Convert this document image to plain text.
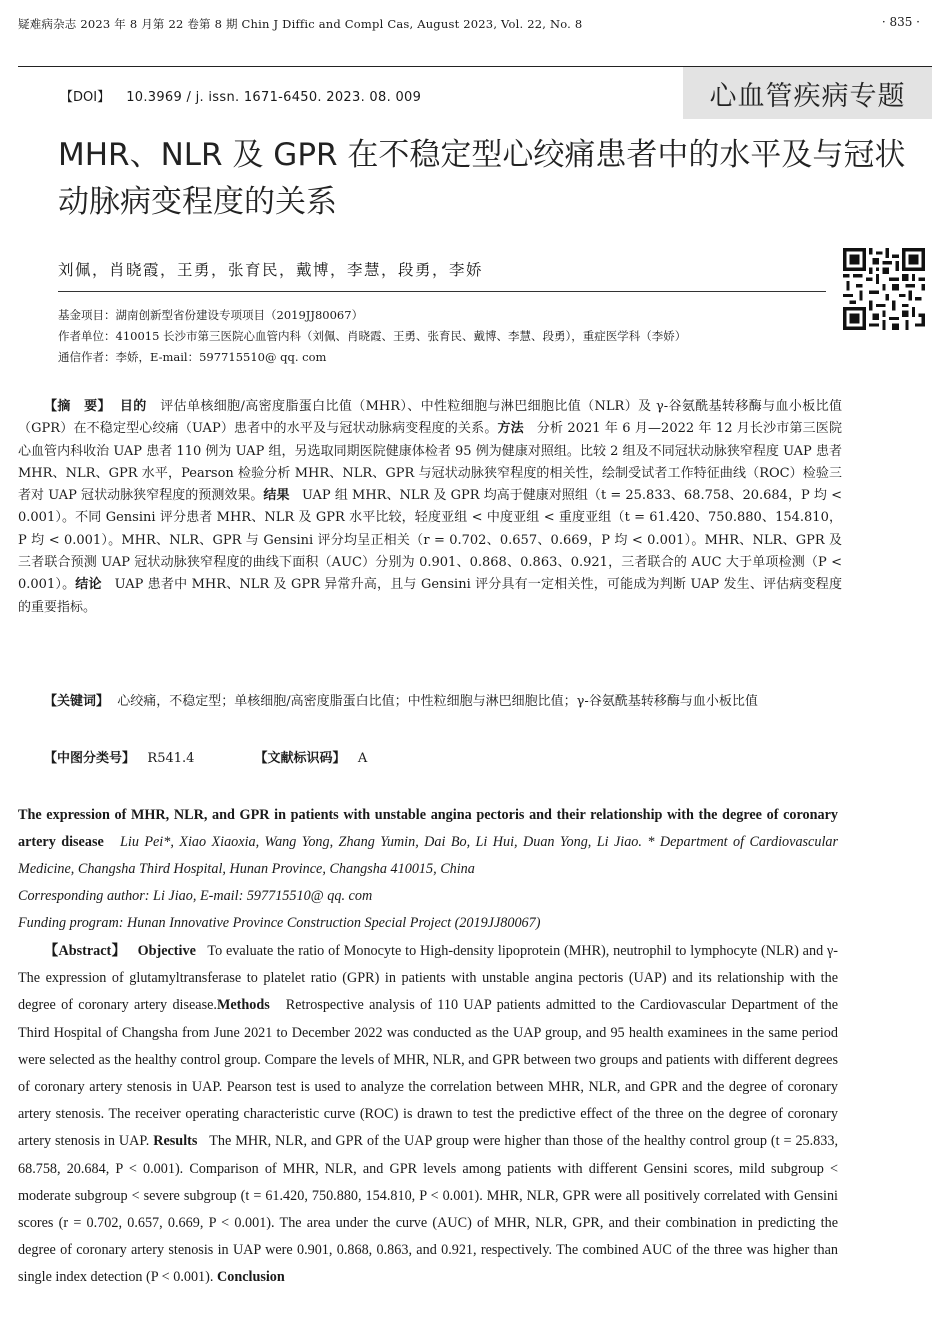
疑难病杂志 2023 年 8 月第 22 卷第 8 期 Chin J Diffic and Compl Cas, August 2023, Vol. 22, No. 8	· 835 ·
【DOI】 10.3969 / j. issn. 1671-6450. 2023. 08. 009	心血管疾病专题
MHR、NLR 及 GPR 在不稳定型心绞痛患者中的水平及与冠状动脉病变程度的关系
刘佩，肖晓霞，王勇，张育民，戴博，李慧，段勇，李娇
基金项目：湖南创新型省份建设专项项目（2019JJ80067）
作者单位：410015 长沙市第三医院心血管内科（刘佩、肖晓霞、王勇、张育民、戴博、李慧、段勇），重症医学科（李娇）
通信作者：李娇，E-mail：597715510@ qq. com
【摘　要】 目的 评估单核细胞/高密度脂蛋白比值（MHR）、中性粒细胞与淋巴细胞比值（NLR）及 γ-谷氨酰基转移酶与血小板比值（GPR）在不稳定型心绞痛（UAP）患者中的水平及与冠状动脉病变程度的关系。方法 分析 2021 年 6 月—2022 年 12 月长沙市第三医院心血管内科收治 UAP 患者 110 例为 UAP 组，另选取同期医院健康体检者 95 例为健康对照组。比较 2 组及不同冠状动脉狭窄程度 UAP 患者 MHR、NLR、GPR 水平，Pearson 检验分析 MHR、NLR、GPR 与冠状动脉狭窄程度的相关性，绘制受试者工作特征曲线（ROC）检验三者对 UAP 冠状动脉狭窄程度的预测效果。结果 UAP 组 MHR、NLR 及 GPR 均高于健康对照组（t = 25.833、68.758、20.684，P 均 < 0.001）。不同 Gensini 评分患者 MHR、NLR 及 GPR 水平比较，轻度亚组 < 中度亚组 < 重度亚组（t = 61.420、750.880、154.810，P 均 < 0.001）。MHR、NLR、GPR 与 Gensini 评分均呈正相关（r = 0.702、0.657、0.669，P 均 < 0.001）。MHR、NLR、GPR 及三者联合预测 UAP 冠状动脉狭窄程度的曲线下面积（AUC）分别为 0.901、0.868、0.863、0.921，三者联合的 AUC 大于单项检测（P < 0.001）。结论 UAP 患者中 MHR、NLR 及 GPR 异常升高，且与 Gensini 评分具有一定相关性，可能成为判断 UAP 发生、评估病变程度的重要指标。
【关键词】 心绞痛，不稳定型；单核细胞/高密度脂蛋白比值；中性粒细胞与淋巴细胞比值；γ-谷氨酰基转移酶与血小板比值
【中图分类号】 R541.4	【文献标识码】 A
The expression of MHR, NLR, and GPR in patients with unstable angina pectoris and their relationship with the degree of coronary artery disease Liu Pei*, Xiao Xiaoxia, Wang Yong, Zhang Yumin, Dai Bo, Li Hui, Duan Yong, Li Jiao. * Department of Cardiovascular Medicine, Changsha Third Hospital, Hunan Province, Changsha 410015, China
Corresponding author: Li Jiao, E-mail: 597715510@ qq. com
Funding program: Hunan Innovative Province Construction Special Project (2019JJ80067)
【Abstract】 Objective To evaluate the ratio of Monocyte to High-density lipoprotein (MHR), neutrophil to lymphocyte (NLR) and γ- The expression of glutamyltransferase to platelet ratio (GPR) in patients with unstable angina pectoris (UAP) and its relationship with the degree of coronary artery disease.Methods Retrospective analysis of 110 UAP patients admitted to the Cardiovascular Department of the Third Hospital of Changsha from June 2021 to December 2022 was conducted as the UAP group, and 95 health examinees in the same period were selected as the healthy control group. Compare the levels of MHR, NLR, and GPR between two groups and patients with different degrees of coronary artery stenosis in UAP. Pearson test is used to analyze the correlation between MHR, NLR, and GPR and the degree of coronary artery stenosis. The receiver operating characteristic curve (ROC) is drawn to test the predictive effect of the three on the degree of coronary artery stenosis in UAP. Results The MHR, NLR, and GPR of the UAP group were higher than those of the healthy control group (t = 25.833, 68.758, 20.684, P < 0.001). Comparison of MHR, NLR, and GPR levels among patients with different Gensini scores, mild subgroup < moderate subgroup < severe subgroup (t = 61.420, 750.880, 154.810, P < 0.001). MHR, NLR, GPR were all positively correlated with Gensini scores (r = 0.702, 0.657, 0.669, P < 0.001). The area under the curve (AUC) of MHR, NLR, GPR, and their combination in predicting the degree of coronary artery stenosis in UAP were 0.901, 0.868, 0.863, and 0.921, respectively. The combined AUC of the three was higher than single index detection (P < 0.001). Conclusion
